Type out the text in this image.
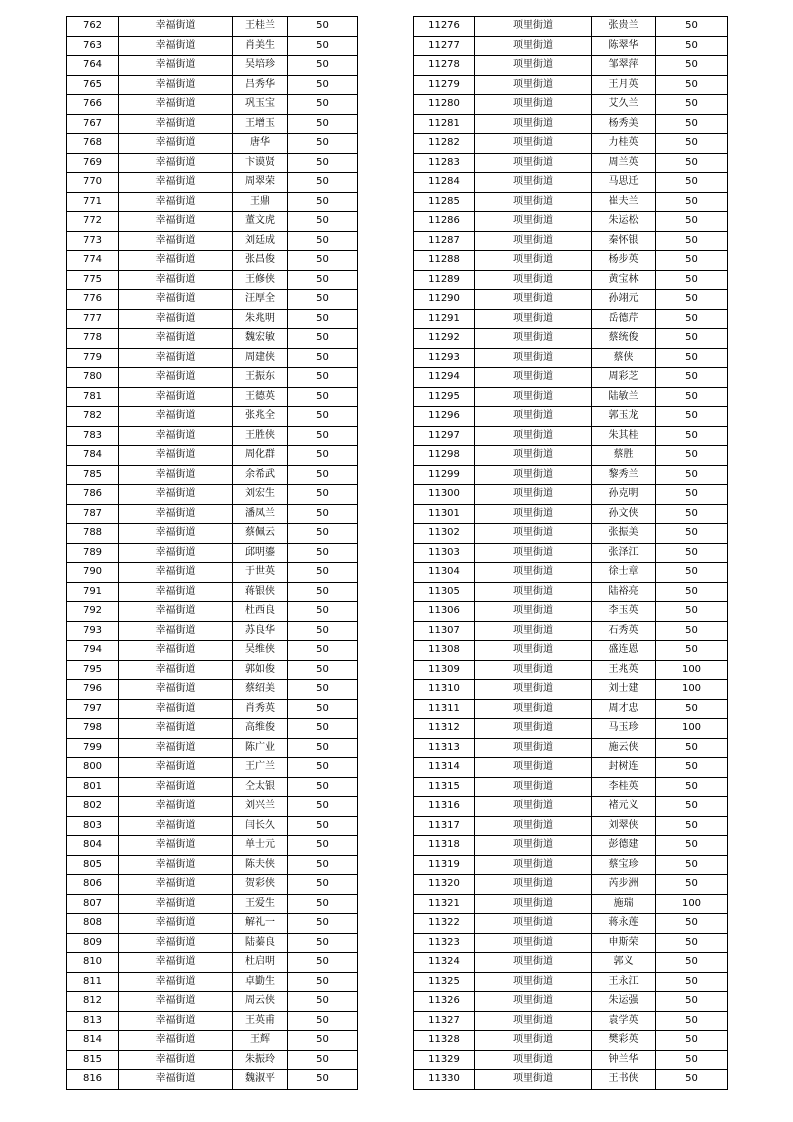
762	幸福街道	王桂兰	50
763	幸福街道	肖美生	50
764	幸福街道	吴培珍	50
765	幸福街道	吕秀华	50
766	幸福街道	巩玉宝	50
767	幸福街道	王增玉	50
768	幸福街道	唐华	50
769	幸福街道	卞谟贤	50
770	幸福街道	周翠荣	50
771	幸福街道	王鼎	50
772	幸福街道	董文虎	50
773	幸福街道	刘廷成	50
774	幸福街道	张昌俊	50
775	幸福街道	王修侠	50
776	幸福街道	汪厚全	50
777	幸福街道	朱兆明	50
778	幸福街道	魏宏敏	50
779	幸福街道	周建侠	50
780	幸福街道	王振东	50
781	幸福街道	王德英	50
782	幸福街道	张兆全	50
783	幸福街道	王胜侠	50
784	幸福街道	周化群	50
785	幸福街道	余希武	50
786	幸福街道	刘宏生	50
787	幸福街道	潘凤兰	50
788	幸福街道	蔡佩云	50
789	幸福街道	邱明鎏	50
790	幸福街道	于世英	50
791	幸福街道	蒋银侠	50
792	幸福街道	杜西良	50
793	幸福街道	苏良华	50
794	幸福街道	吴维侠	50
795	幸福街道	郭如俊	50
796	幸福街道	蔡绍美	50
797	幸福街道	肖秀英	50
798	幸福街道	高维俊	50
799	幸福街道	陈广业	50
800	幸福街道	王广兰	50
801	幸福街道	仝太银	50
802	幸福街道	刘兴兰	50
803	幸福街道	闫长久	50
804	幸福街道	单士元	50
805	幸福街道	陈夫侠	50
806	幸福街道	贺彩侠	50
807	幸福街道	王爱生	50
808	幸福街道	解礼一	50
809	幸福街道	陆蓁良	50
810	幸福街道	杜启明	50
811	幸福街道	卓勤生	50
812	幸福街道	周云侠	50
813	幸福街道	王英甫	50
814	幸福街道	王辉	50
815	幸福街道	朱振玲	50
816	幸福街道	魏淑平	50
11276	项里街道	张贵兰	50
11277	项里街道	陈翠华	50
11278	项里街道	邹翠萍	50
11279	项里街道	王月英	50
11280	项里街道	艾久兰	50
11281	项里街道	杨秀美	50
11282	项里街道	力桂英	50
11283	项里街道	周兰英	50
11284	项里街道	马思迁	50
11285	项里街道	崔夫兰	50
11286	项里街道	朱运松	50
11287	项里街道	秦怀银	50
11288	项里街道	杨步英	50
11289	项里街道	黄宝林	50
11290	项里街道	孙翊元	50
11291	项里街道	岳德芹	50
11292	项里街道	蔡统俊	50
11293	项里街道	蔡侠	50
11294	项里街道	周彩芝	50
11295	项里街道	陆敏兰	50
11296	项里街道	郭玉龙	50
11297	项里街道	朱其桂	50
11298	项里街道	蔡胜	50
11299	项里街道	黎秀兰	50
11300	项里街道	孙克明	50
11301	项里街道	孙文侠	50
11302	项里街道	张振美	50
11303	项里街道	张泽江	50
11304	项里街道	徐士章	50
11305	项里街道	陆裕亮	50
11306	项里街道	李玉英	50
11307	项里街道	石秀英	50
11308	项里街道	盛连恩	50
11309	项里街道	王兆英	100
11310	项里街道	刘士建	100
11311	项里街道	周才忠	50
11312	项里街道	马玉珍	100
11313	项里街道	施云侠	50
11314	项里街道	封树连	50
11315	项里街道	李桂英	50
11316	项里街道	褚元义	50
11317	项里街道	刘翠侠	50
11318	项里街道	彭德建	50
11319	项里街道	蔡宝珍	50
11320	项里街道	芮步洲	50
11321	项里街道	施瑞	100
11322	项里街道	蒋永莲	50
11323	项里街道	申斯荣	50
11324	项里街道	郭义	50
11325	项里街道	王永江	50
11326	项里街道	朱运强	50
11327	项里街道	袁学英	50
11328	项里街道	樊彩英	50
11329	项里街道	钟兰华	50
11330	项里街道	王书侠	50
